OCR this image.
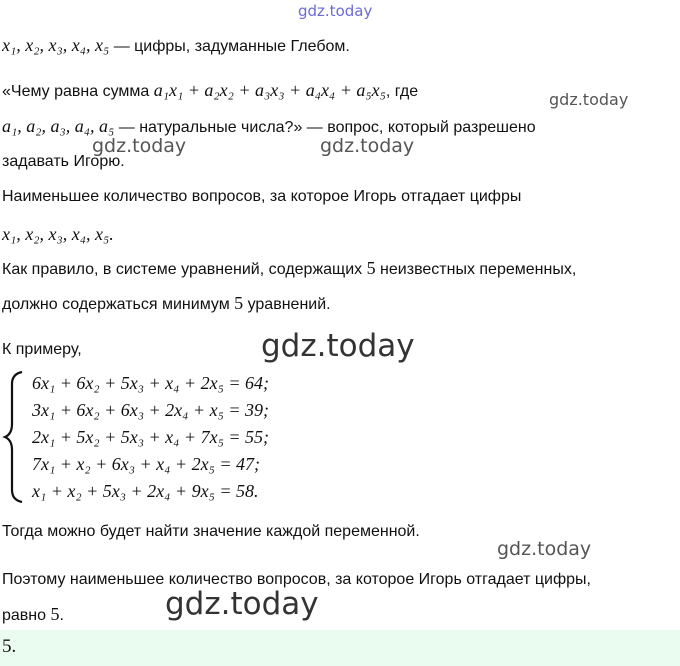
gdz.today
gdz.today
gdz.today	gdz.today
gdz.today
gdz.today
gdz.today
x₁, x₂, x₃, x₄, x₅ — цифры, задуманные Глебом.
«Чему равна сумма a₁x₁ + a₂x₂ + a₃x₃ + a₄x₄ + a₅x₅, где
a₁, a₂, a₃, a₄, a₅ — натуральные числа?» — вопрос, который разрешено
задавать Игорю.
Наименьшее количество вопросов, за которое Игорь отгадает цифры
x₁, x₂, x₃, x₄, x₅.
Как правило, в системе уравнений, содержащих 5 неизвестных переменных,
должно содержаться минимум 5 уравнений.
К примеру,
6x₁ + 6x₂ + 5x₃ + x₄ + 2x₅ = 64;
3x₁ + 6x₂ + 6x₃ + 2x₄ + x₅ = 39;
2x₁ + 5x₂ + 5x₃ + x₄ + 7x₅ = 55;
7x₁ + x₂ + 6x₃ + x₄ + 2x₅ = 47;
x₁ + x₂ + 5x₃ + 2x₄ + 9x₅ = 58.
Тогда можно будет найти значение каждой переменной.
Поэтому наименьшее количество вопросов, за которое Игорь отгадает цифры,
равно 5.
5.
